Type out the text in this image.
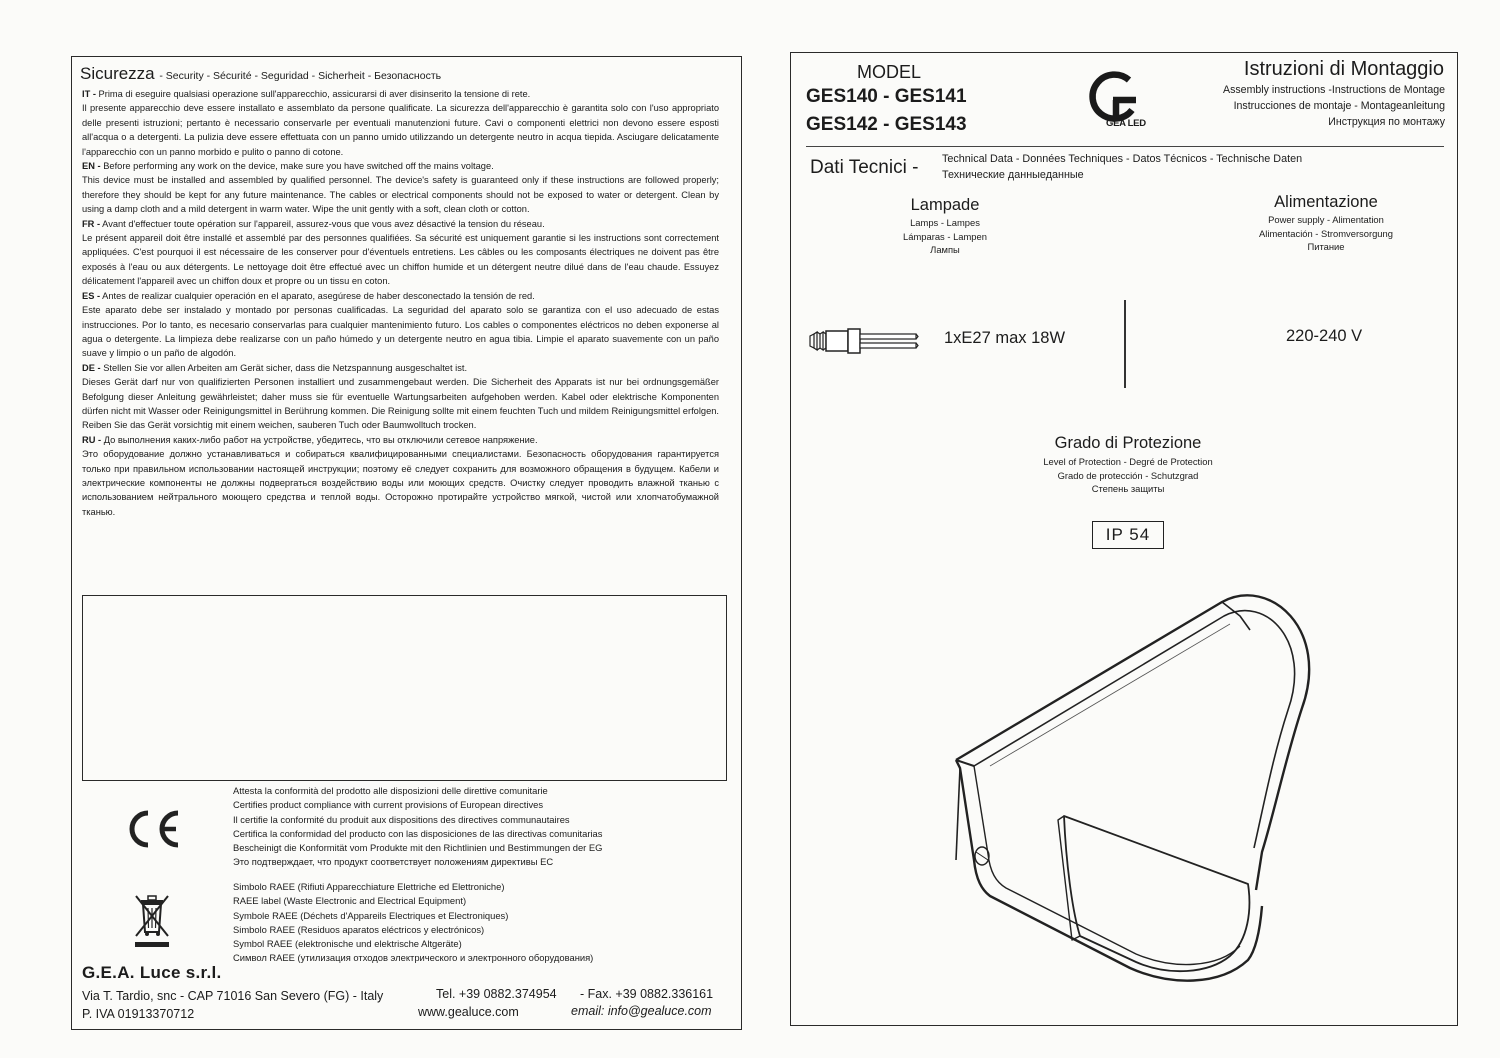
Sicurezza - Security - Sécurité - Seguridad - Sicherheit - Безопасность

IT - Prima di eseguire qualsiasi operazione sull'apparecchio, assicurarsi di aver disinserito la tensione di rete.
Il presente apparecchio deve essere installato e assemblato da persone qualificate. La sicurezza dell'apparecchio è garantita solo con l'uso appropriato delle presenti istruzioni; pertanto è necessario conservarle per eventuali manutenzioni future. Cavi o componenti elettrici non devono essere esposti all'acqua o a detergenti. La pulizia deve essere effettuata con un panno umido utilizzando un detergente neutro in acqua tiepida. Asciugare delicatamente l'apparecchio con un panno morbido e pulito o panno di cotone.

EN - Before performing any work on the device, make sure you have switched off the mains voltage.
This device must be installed and assembled by qualified personnel. The device's safety is guaranteed only if these instructions are followed properly; therefore they should be kept for any future maintenance. The cables or electrical components should not be exposed to water or detergent. Clean by using a damp cloth and a mild detergent in warm water. Wipe the unit gently with a soft, clean cloth or cotton.

FR - Avant d'effectuer toute opération sur l'appareil, assurez-vous que vous avez désactivé la tension du réseau.
Le présent appareil doit être installé et assemblé par des personnes qualifiées. Sa sécurité est uniquement garantie si les instructions sont correctement appliquées. C'est pourquoi il est nécessaire de les conserver pour d'éventuels entretiens. Les câbles ou les composants électriques ne doivent pas être exposés à l'eau ou aux détergents. Le nettoyage doit être effectué avec un chiffon humide et un détergent neutre dilué dans de l'eau chaude. Essuyez délicatement l'appareil avec un chiffon doux et propre ou un tissu en coton.

ES - Antes de realizar cualquier operación en el aparato, asegúrese de haber desconectado la tensión de red.
Este aparato debe ser instalado y montado por personas cualificadas. La seguridad del aparato solo se garantiza con el uso adecuado de estas instrucciones. Por lo tanto, es necesario conservarlas para cualquier mantenimiento futuro. Los cables o componentes eléctricos no deben exponerse al agua o detergente. La limpieza debe realizarse con un paño húmedo y un detergente neutro en agua tibia. Limpie el aparato suavemente con un paño suave y limpio o un paño de algodón.

DE - Stellen Sie vor allen Arbeiten am Gerät sicher, dass die Netzspannung ausgeschaltet ist.
Dieses Gerät darf nur von qualifizierten Personen installiert und zusammengebaut werden. Die Sicherheit des Apparats ist nur bei ordnungsgemäßer Befolgung dieser Anleitung gewährleistet; daher muss sie für eventuelle Wartungsarbeiten aufgehoben werden. Kabel oder elektrische Komponenten dürfen nicht mit Wasser oder Reinigungsmittel in Berührung kommen. Die Reinigung sollte mit einem feuchten Tuch und mildem Reinigungsmittel erfolgen. Reiben Sie das Gerät vorsichtig mit einem weichen, sauberen Tuch oder Baumwolltuch trocken.

RU - До выполнения каких-либо работ на устройстве, убедитесь, что вы отключили сетевое напряжение.
Это оборудование должно устанавливаться и собираться квалифицированными специалистами. Безопасность оборудования гарантируется только при правильном использовании настоящей инструкции; поэтому её следует сохранить для возможного обращения в будущем. Кабели и электрические компоненты не должны подвергаться воздействию воды или моющих средств. Очистку следует проводить влажной тканью с использованием нейтрального моющего средства и теплой воды. Осторожно протирайте устройство мягкой, чистой или хлопчатобумажной тканью.

Attesta la conformità del prodotto alle disposizioni delle direttive comunitarie
Certifies product compliance with current provisions of European directives
Il certifie la conformité du produit aux dispositions des directives communautaires
Certifica la conformidad del producto con las disposiciones de las directivas comunitarias
Bescheinigt die Konformität vom Produkte mit den Richtlinien und Bestimmungen der EG
Это подтверждает, что продукт соответствует положениям директивы ЕС
Simbolo RAEE (Rifiuti Apparecchiature Elettriche ed Elettroniche)
RAEE label (Waste Electronic and Electrical Equipment)
Symbole RAEE (Déchets d'Appareils Electriques et Electroniques)
Simbolo RAEE (Residuos aparatos eléctricos y electrónicos)
Symbol RAEE (elektronische und elektrische Altgeräte)
Символ RAEE (утилизация отходов электрического и электронного оборудования)
G.E.A. Luce s.r.l.
Via T. Tardio, snc - CAP 71016 San Severo (FG) - Italy	Tel. +39 0882.374954 - Fax. +39 0882.336161
P. IVA 01913370712	www.gealuce.com	email: info@gealuce.com
MODEL
GES140 - GES141
GES142 - GES143	GEA LED
Istruzioni di Montaggio
Assembly instructions -Instructions de Montage
Instrucciones de montaje - Montageanleitung
Инструкция по монтажу
Dati Tecnici - Technical Data - Données Techniques - Datos Técnicos - Technische Daten
Технические данныеданные
Lampade
Lamps - Lampes
Lámparas - Lampen
Лампы
Alimentazione
Power supply - Alimentation
Alimentación - Stromversorgung
Питание
1xE27 max 18W	220-240 V
Grado di Protezione
Level of Protection - Degré de Protection
Grado de protección - Schutzgrad
Степень защиты
IP 54
